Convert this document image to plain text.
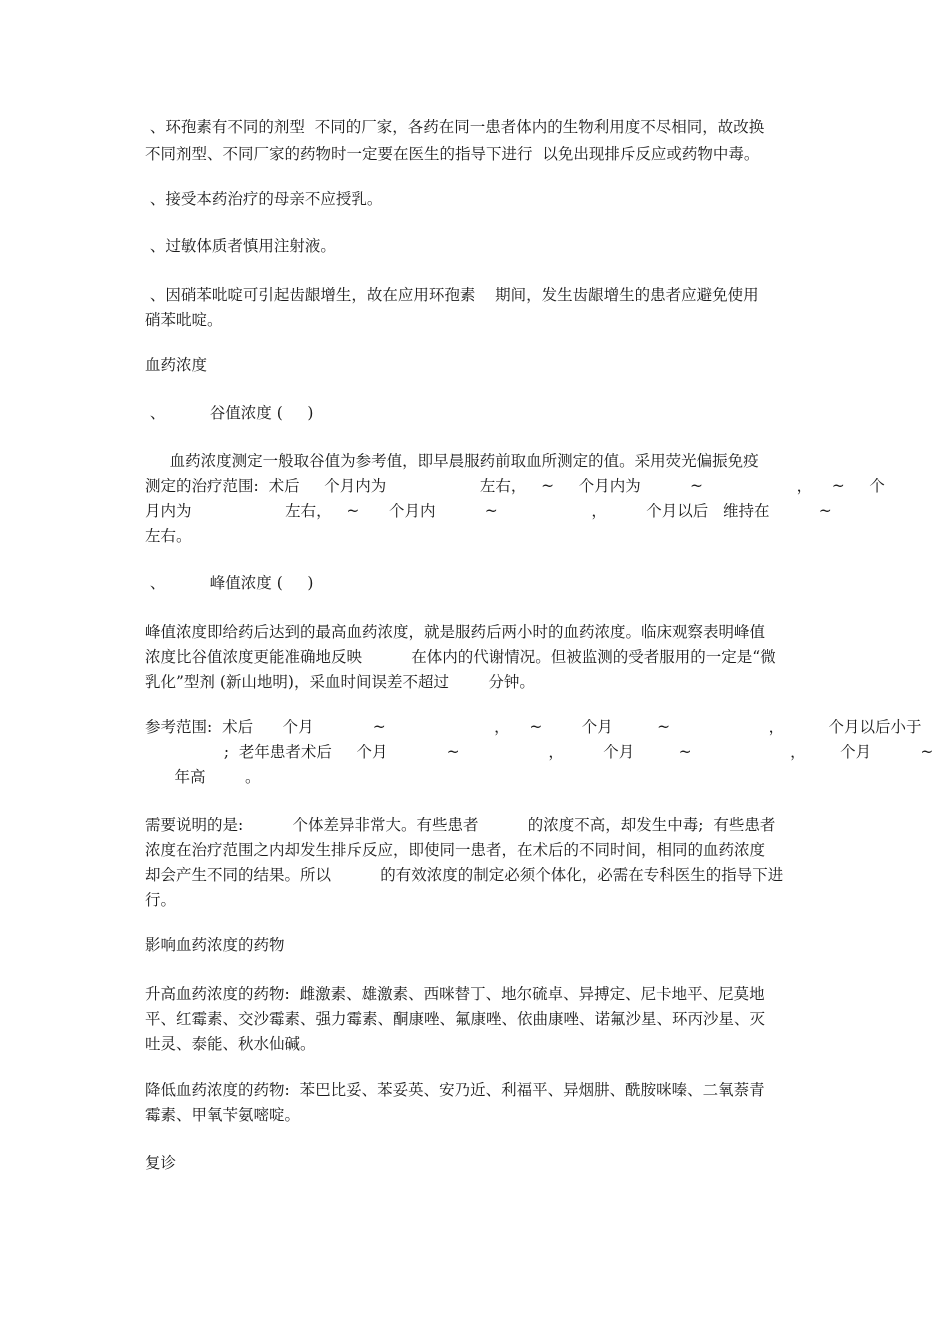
、环孢素有不同的剂型  不同的厂家，各药在同一患者体内的生物利用度不尽相同，故改换

不同剂型、不同厂家的药物时一定要在医生的指导下进行  以免出现排斥反应或药物中毒。

、接受本药治疗的母亲不应授乳。

、过敏体质者慎用注射液。

、因硝苯吡啶可引起齿龈增生，故在应用环孢素    期间，发生齿龈增生的患者应避免使用

硝苯吡啶。

血药浓度

、         谷值浓度 (     )

血药浓度测定一般取谷值为参考值，即早晨服药前取血所测定的值。采用荧光偏振免疫

测定的治疗范围:  术后     个月内为                   左右，   ~     个月内为          ~                   ，    ~     个

月内为                   左右，   ~      个月内          ~                   ，        个月以后   维持在          ~

左右。

、         峰值浓度 (     )

峰值浓度即给药后达到的最高血药浓度，就是服药后两小时的血药浓度。临床观察表明峰值

浓度比谷值浓度更能准确地反映          在体内的代谢情况。但被监测的受者服用的一定是“微

乳化”型剂 (新山地明)，采血时间误差不超过        分钟。

参考范围:  术后      个月            ~                      ，    ~        个月         ~                    ，         个月以后小于

;  老年患者术后     个月            ~                  ，        个月         ~                    ，       个月          ~

年高        。

需要说明的是:          个体差异非常大。有些患者          的浓度不高，却发生中毒;  有些患者

浓度在治疗范围之内却发生排斥反应，即使同一患者，在术后的不同时间，相同的血药浓度

却会产生不同的结果。所以          的有效浓度的制定必须个体化，必需在专科医生的指导下进

行。

影响血药浓度的药物

升高血药浓度的药物:  雌激素、雄激素、西咪替丁、地尔硫卓、异搏定、尼卡地平、尼莫地

平、红霉素、交沙霉素、强力霉素、酮康唑、氟康唑、依曲康唑、诺氟沙星、环丙沙星、灭

吐灵、泰能、秋水仙碱。

降低血药浓度的药物:  苯巴比妥、苯妥英、安乃近、利福平、异烟肼、酰胺咪嗪、二氧萘青

霉素、甲氧苄氨嘧啶。

复诊
